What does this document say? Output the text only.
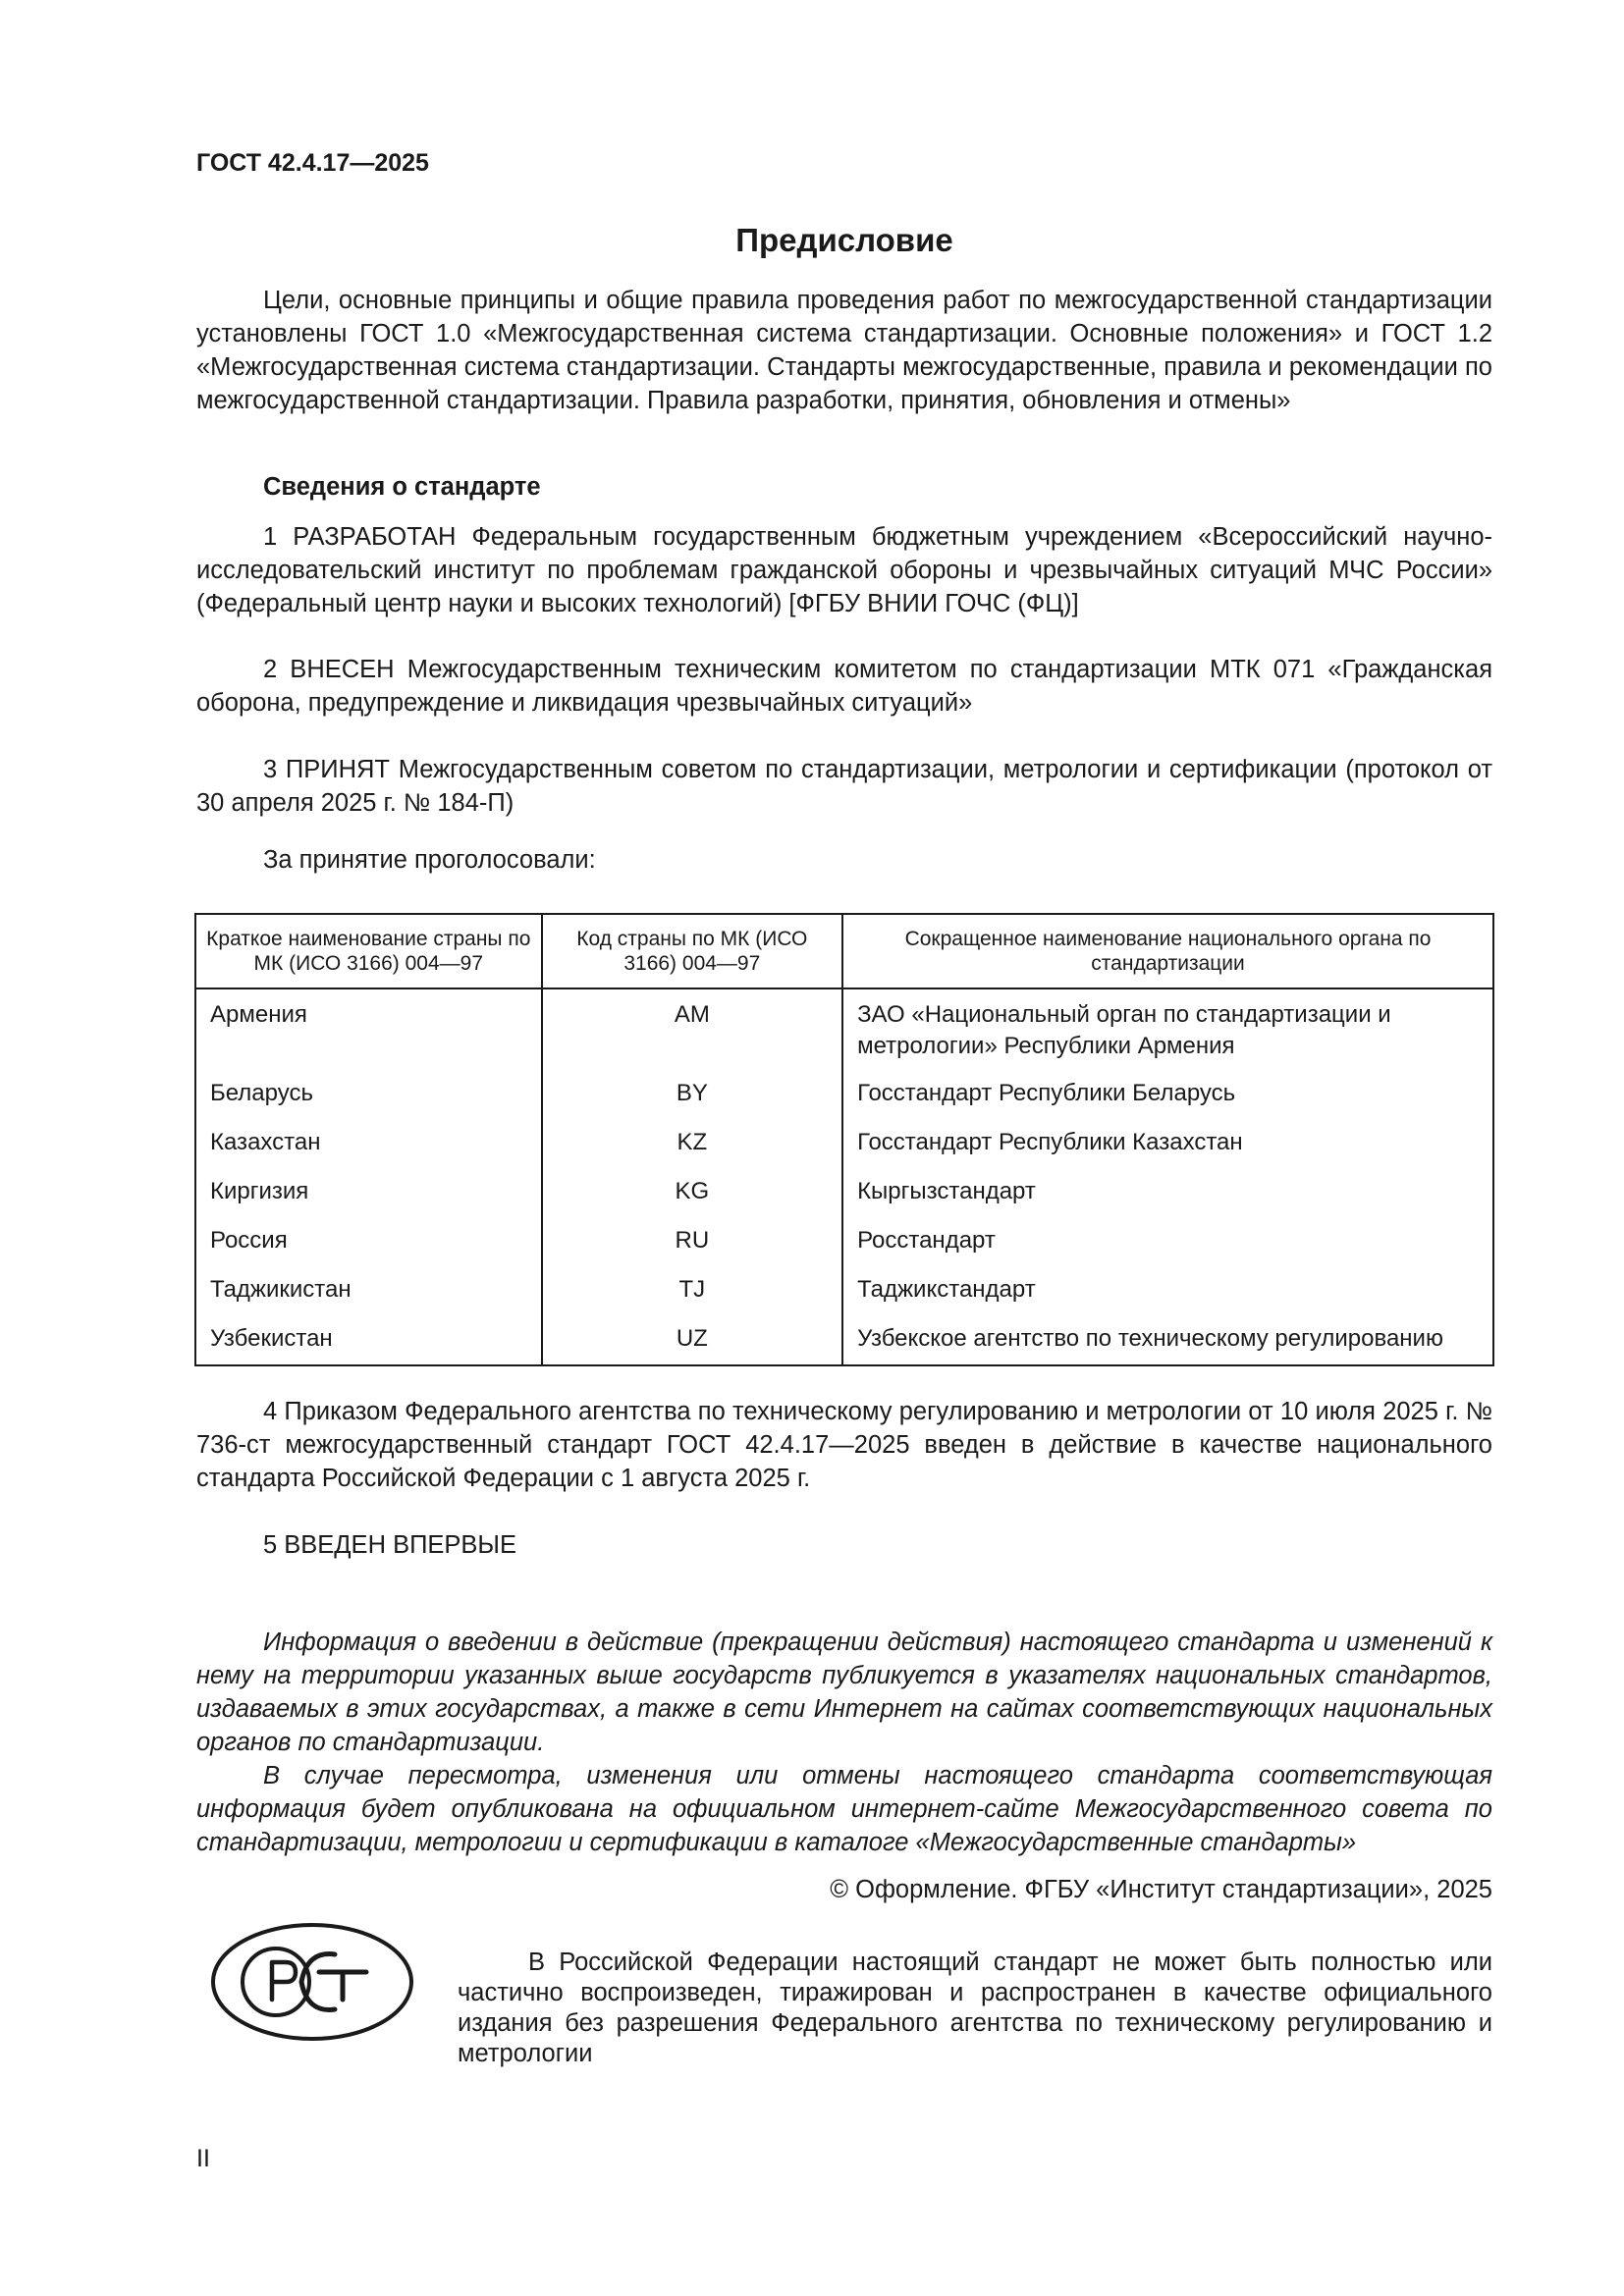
ГОСТ 42.4.17—2025
Предисловие
Цели, основные принципы и общие правила проведения работ по межгосударственной стандартизации установлены ГОСТ 1.0 «Межгосударственная система стандартизации. Основные положения» и ГОСТ 1.2 «Межгосударственная система стандартизации. Стандарты межгосударственные, правила и рекомендации по межгосударственной стандартизации. Правила разработки, принятия, обновления и отмены»
Сведения о стандарте
1 РАЗРАБОТАН Федеральным государственным бюджетным учреждением «Всероссийский научно-исследовательский институт по проблемам гражданской обороны и чрезвычайных ситуаций МЧС России» (Федеральный центр науки и высоких технологий) [ФГБУ ВНИИ ГОЧС (ФЦ)]
2 ВНЕСЕН Межгосударственным техническим комитетом по стандартизации МТК 071 «Гражданская оборона, предупреждение и ликвидация чрезвычайных ситуаций»
3 ПРИНЯТ Межгосударственным советом по стандартизации, метрологии и сертификации (протокол от 30 апреля 2025 г. № 184-П)
За принятие проголосовали:
Краткое наименование страны по МК (ИСО 3166) 004—97	Код страны по МК (ИСО 3166) 004—97	Сокращенное наименование национального органа по стандартизации
Армения	AM	ЗАО «Национальный орган по стандартизации и метрологии» Республики Армения
Беларусь	BY	Госстандарт Республики Беларусь
Казахстан	KZ	Госстандарт Республики Казахстан
Киргизия	KG	Кыргызстандарт
Россия	RU	Росстандарт
Таджикистан	TJ	Таджикстандарт
Узбекистан	UZ	Узбекское агентство по техническому регулированию
4 Приказом Федерального агентства по техническому регулированию и метрологии от 10 июля 2025 г. № 736-ст межгосударственный стандарт ГОСТ 42.4.17—2025 введен в действие в качестве национального стандарта Российской Федерации с 1 августа 2025 г.
5 ВВЕДЕН ВПЕРВЫЕ
Информация о введении в действие (прекращении действия) настоящего стандарта и изменений к нему на территории указанных выше государств публикуется в указателях национальных стандартов, издаваемых в этих государствах, а также в сети Интернет на сайтах соответствующих национальных органов по стандартизации.
В случае пересмотра, изменения или отмены настоящего стандарта соответствующая информация будет опубликована на официальном интернет-сайте Межгосударственного совета по стандартизации, метрологии и сертификации в каталоге «Межгосударственные стандарты»
© Оформление. ФГБУ «Институт стандартизации», 2025
В Российской Федерации настоящий стандарт не может быть полностью или частично воспроизведен, тиражирован и распространен в качестве официального издания без разрешения Федерального агентства по техническому регулированию и метрологии
II
